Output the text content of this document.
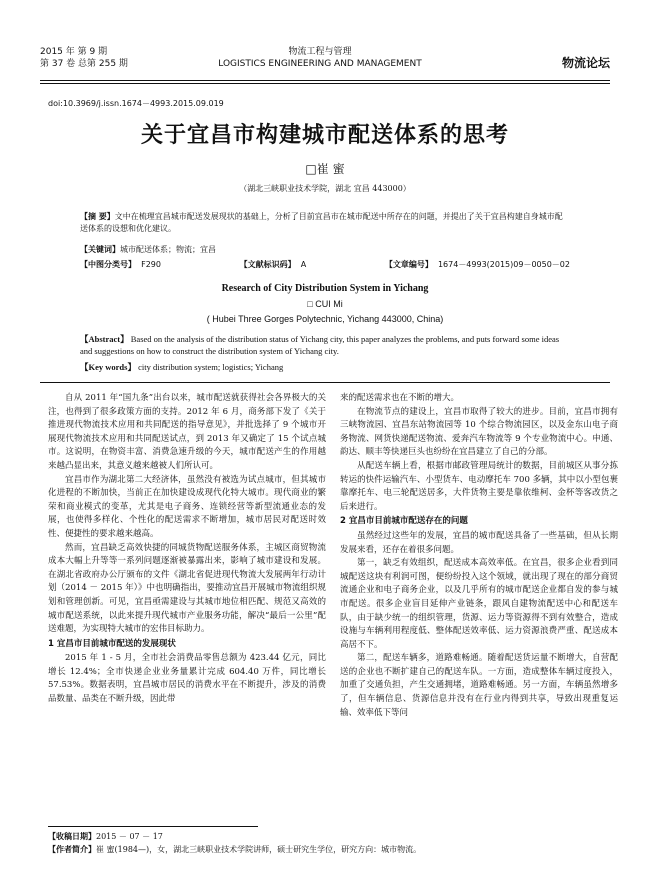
2015 年 第 9 期
第 37 卷 总第 255 期
物流工程与管理
LOGISTICS ENGINEERING AND MANAGEMENT	物流论坛
doi:10.3969/j.issn.1674－4993.2015.09.019
关于宜昌市构建城市配送体系的思考
□崔 蜜
（湖北三峡职业技术学院，湖北 宜昌 443000）
【摘 要】文中在梳理宜昌城市配送发展现状的基础上，分析了目前宜昌市在城市配送中所存在的问题，并提出了关于宜昌构建自身城市配送体系的设想和优化建议。
【关键词】城市配送体系；物流；宜昌
【中图分类号】 F290	【文献标识码】 A	【文章编号】 1674－4993(2015)09－0050－02
Research of City Distribution System in Yichang
□ CUI Mi
( Hubei Three Gorges Polytechnic, Yichang 443000, China)
【Abstract】 Based on the analysis of the distribution status of Yichang city, this paper analyzes the problems, and puts forward some ideas and suggestions on how to construct the distribution system of Yichang city.
【Key words】 city distribution system; logistics; Yichang

自从 2011 年“国九条”出台以来，城市配送就获得社会各界极大的关注，也得到了很多政策方面的支持。2012 年 6 月，商务部下发了《关于推进现代物流技术应用和共同配送的指导意见》，并批选择了 9 个城市开展现代物流技术应用和共同配送试点，到 2013 年又确定了 15 个试点城市。这说明，在物资丰富、消费急速升级的今天，城市配送产生的作用越来越凸显出来，其意义越来越被人们所认可。

宜昌市作为湖北第二大经济体，虽然没有被选为试点城市，但其城市化进程的不断加快，当前正在加快建设成现代化特大城市。现代商业的繁荣和商业模式的变革，尤其是电子商务、连锁经营等新型流通业态的发展，也使得多样化、个性化的配送需求不断增加，城市居民对配送时效性、便捷性的要求越来越高。

然而，宜昌缺乏高效快捷的同城货物配送服务体系，主城区商贸物流成本大幅上升等等一系列问题逐渐被暴露出来，影响了城市建设和发展。在湖北省政府办公厅颁布的文件《湖北省促进现代物流大发展两年行动计划（2014 － 2015 年）》中也明确指出，要推动宜昌开展城市物流组织规划和管理创新。可见，宜昌亟需建设与其城市地位相匹配、规范又高效的城市配送系统，以此来提升现代城市产业服务功能，解决“最后一公里”配送难题，为实现特大城市的宏伟目标助力。

1 宜昌市目前城市配送的发展现状

2015 年 1 - 5 月，全市社会消费品零售总额为 423.44 亿元，同比增长 12.4%；全市快递企业业务量累计完成 604.40 万件，同比增长 57.53%。数据表明，宜昌城市居民的消费水平在不断提升，涉及的消费品数量、品类在不断升级，因此带

来的配送需求也在不断的增大。

在物流节点的建设上，宜昌市取得了较大的进步。目前，宜昌市拥有三峡物流园、宜昌东站物流园等 10 个综合物流园区，以及金东山电子商务物流、网货快递配送物流、爱奔汽车物流等 9 个专业物流中心。申通、韵达、顺丰等快递巨头也纷纷在宜昌建立了自己的分部。

从配送车辆上看，根据市邮政管理局统计的数据，目前城区从事分拣转运的快件运输汽车、小型货车、电动摩托车 700 多辆，其中以小型包裹靠摩托车、电三轮配送居多，大件货物主要是靠依维柯、金杯等客改货之后来进行。

2 宜昌市目前城市配送存在的问题

虽然经过这些年的发展，宜昌的城市配送具备了一些基础，但从长期发展来看，还存在着很多问题。

第一，缺乏有效组织，配送成本高效率低。在宜昌，很多企业看到同城配送这块有利润可图，便纷纷投入这个领域，就出现了现在的部分商贸流通企业和电子商务企业，以及几乎所有的城市配送企业都自发的参与城市配送。很多企业盲目延伸产业链条，跟风自建物流配送中心和配送车队，由于缺少统一的组织管理，货源、运力等资源得不到有效整合，造成设施与车辆利用程度低、整体配送效率低、运力资源浪费严重、配送成本高居不下。

第二，配送车辆多，道路难畅通。随着配送货运量不断增大，自营配送的企业也不断扩建自己的配送车队。一方面，造成整体车辆过度投入，加重了交通负担，产生交通拥堵，道路难畅通。另一方面，车辆虽然增多了，但车辆信息、货源信息并没有在行业内得到共享，导致出现重复运输、效率低下等问

【收稿日期】2015 － 07 － 17
【作者简介】崔 蜜(1984—)，女，湖北三峡职业技术学院讲师，硕士研究生学位，研究方向：城市物流。
